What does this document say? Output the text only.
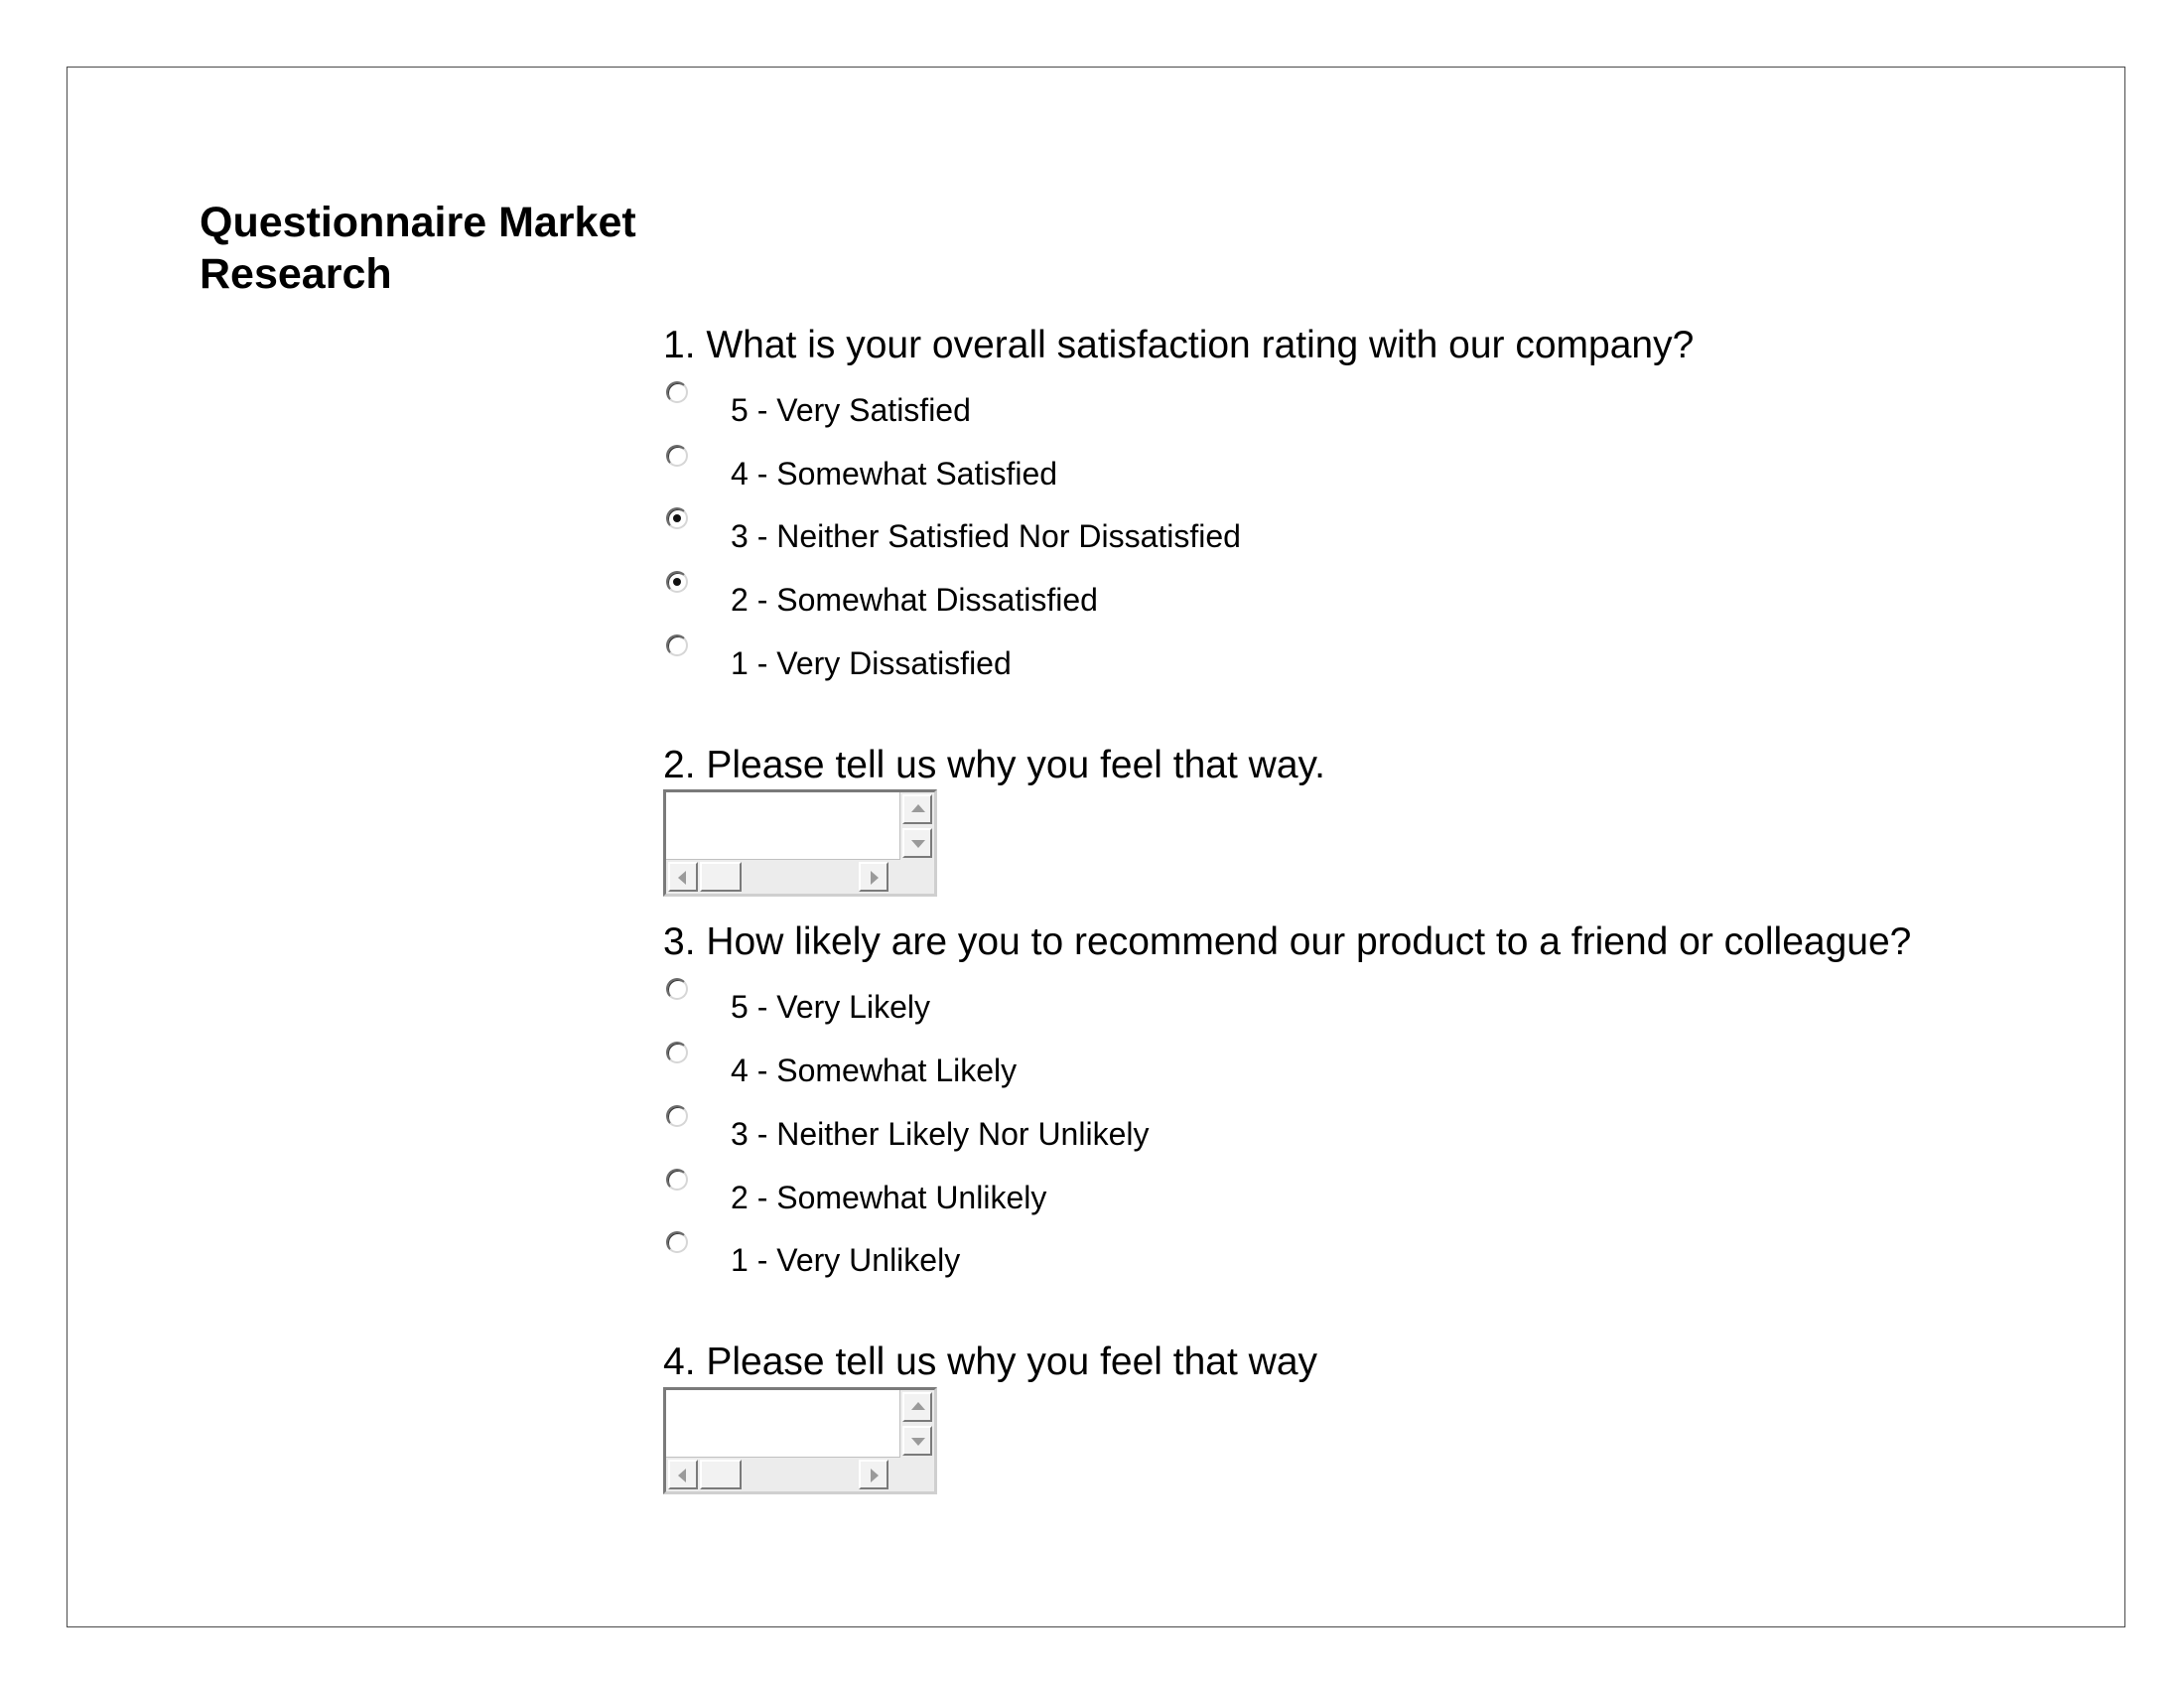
Questionnaire Market Research
1. What is your overall satisfaction rating with our company?
5 - Very Satisfied
4 - Somewhat Satisfied
3 - Neither Satisfied Nor Dissatisfied
2 - Somewhat Dissatisfied
1 - Very Dissatisfied
2. Please tell us why you feel that way.
3. How likely are you to recommend our product to a friend or colleague?
5 - Very Likely
4 - Somewhat Likely
3 - Neither Likely Nor Unlikely
2 - Somewhat Unlikely
1 - Very Unlikely
4. Please tell us why you feel that way
